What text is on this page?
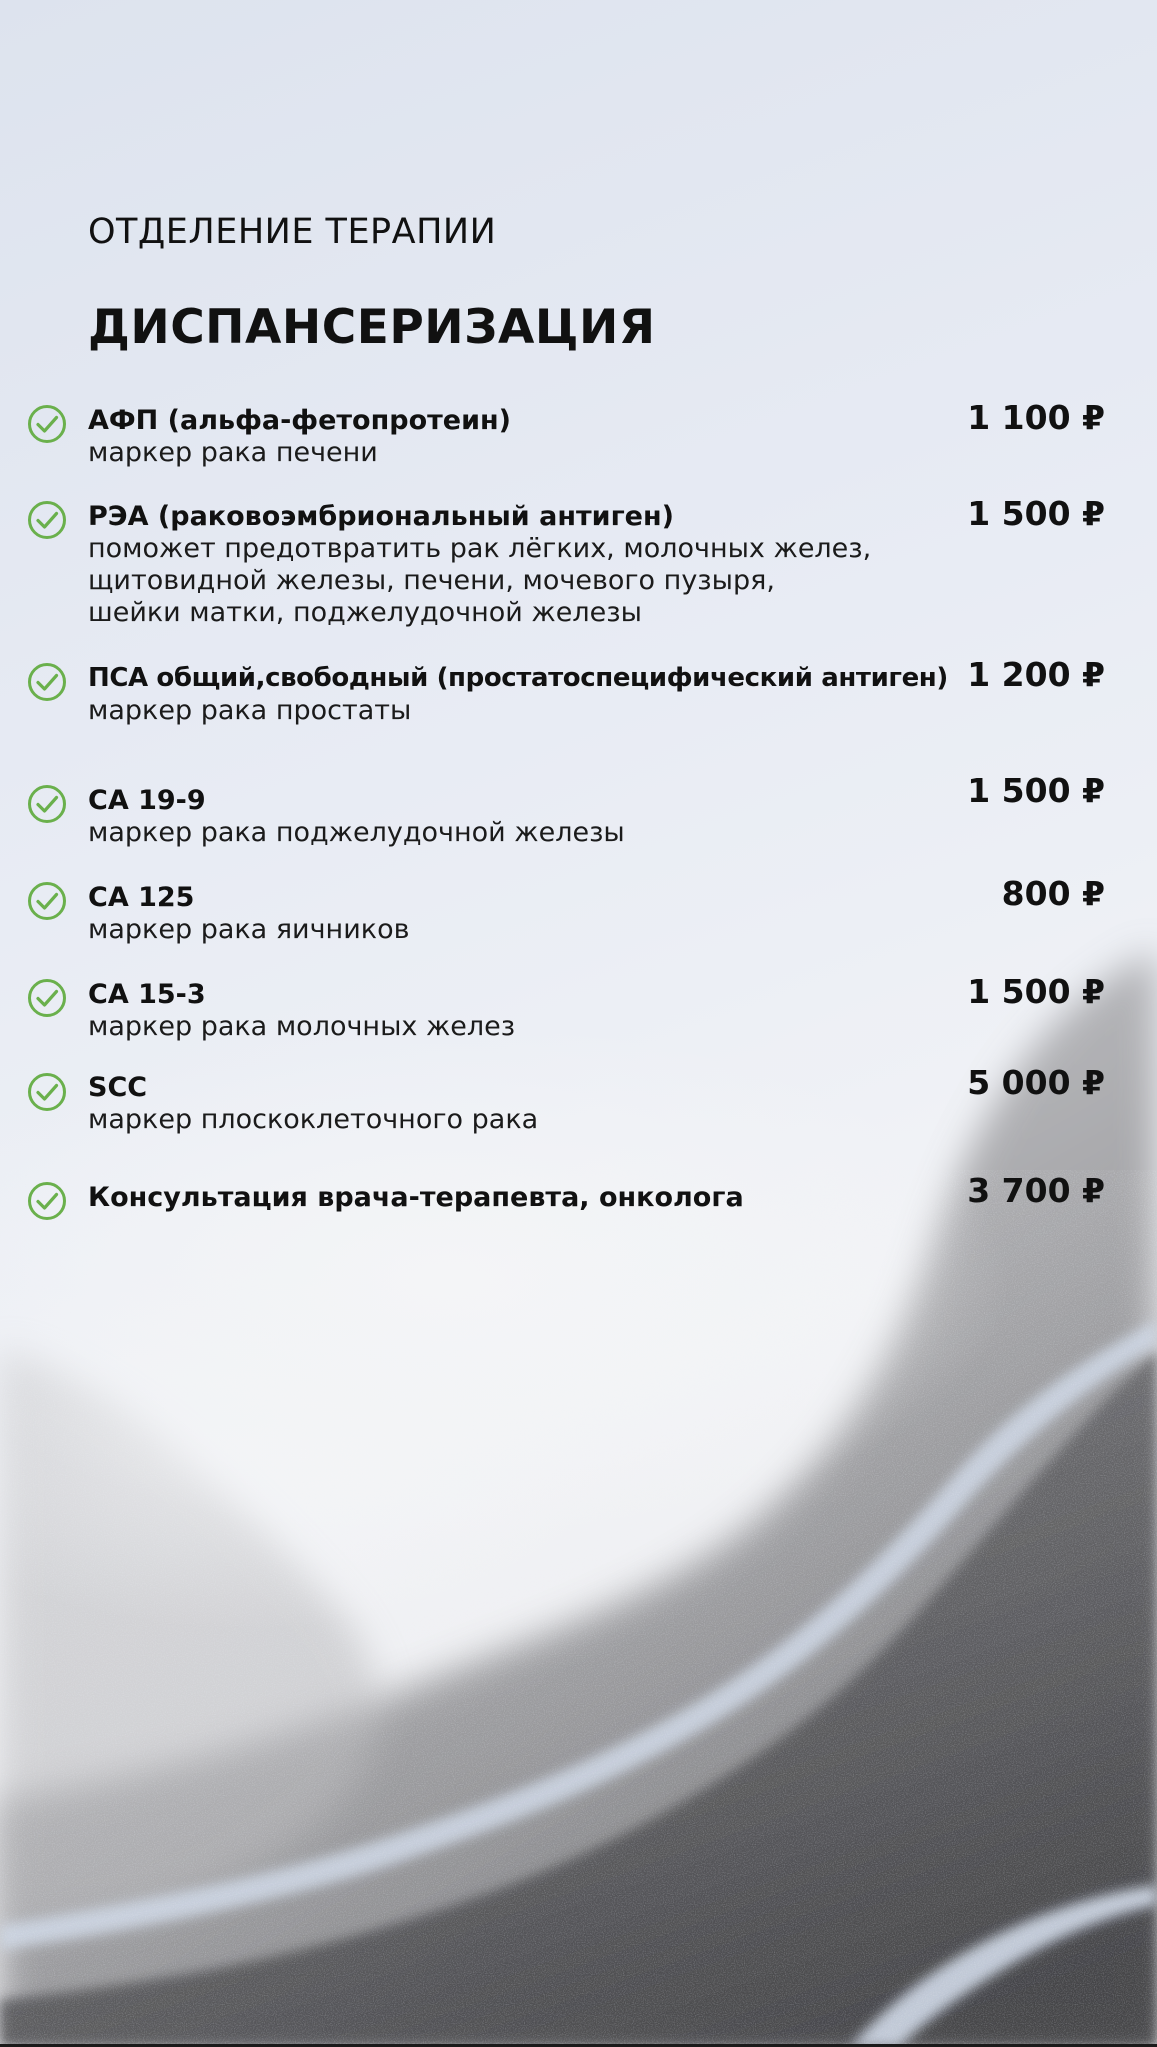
ОТДЕЛЕНИЕ ТЕРАПИИ
ДИСПАНСЕРИЗАЦИЯ
АФП (альфа-фетопротеин)
маркер рака печени
1 100 ₽
РЭА (раковоэмбриональный антиген)
поможет предотвратить рак лёгких, молочных желез,
щитовидной железы, печени, мочевого пузыря,
шейки матки, поджелудочной железы
1 500 ₽
ПСА общий,свободный (простатоспецифический антиген)
маркер рака простаты
1 200 ₽
СА 19-9
маркер рака поджелудочной железы
1 500 ₽
СА 125
маркер рака яичников
800 ₽
СА 15-3
маркер рака молочных желез
1 500 ₽
SCC
маркер плоскоклеточного рака
5 000 ₽
Консультация врача-терапевта, онколога	3 700 ₽
